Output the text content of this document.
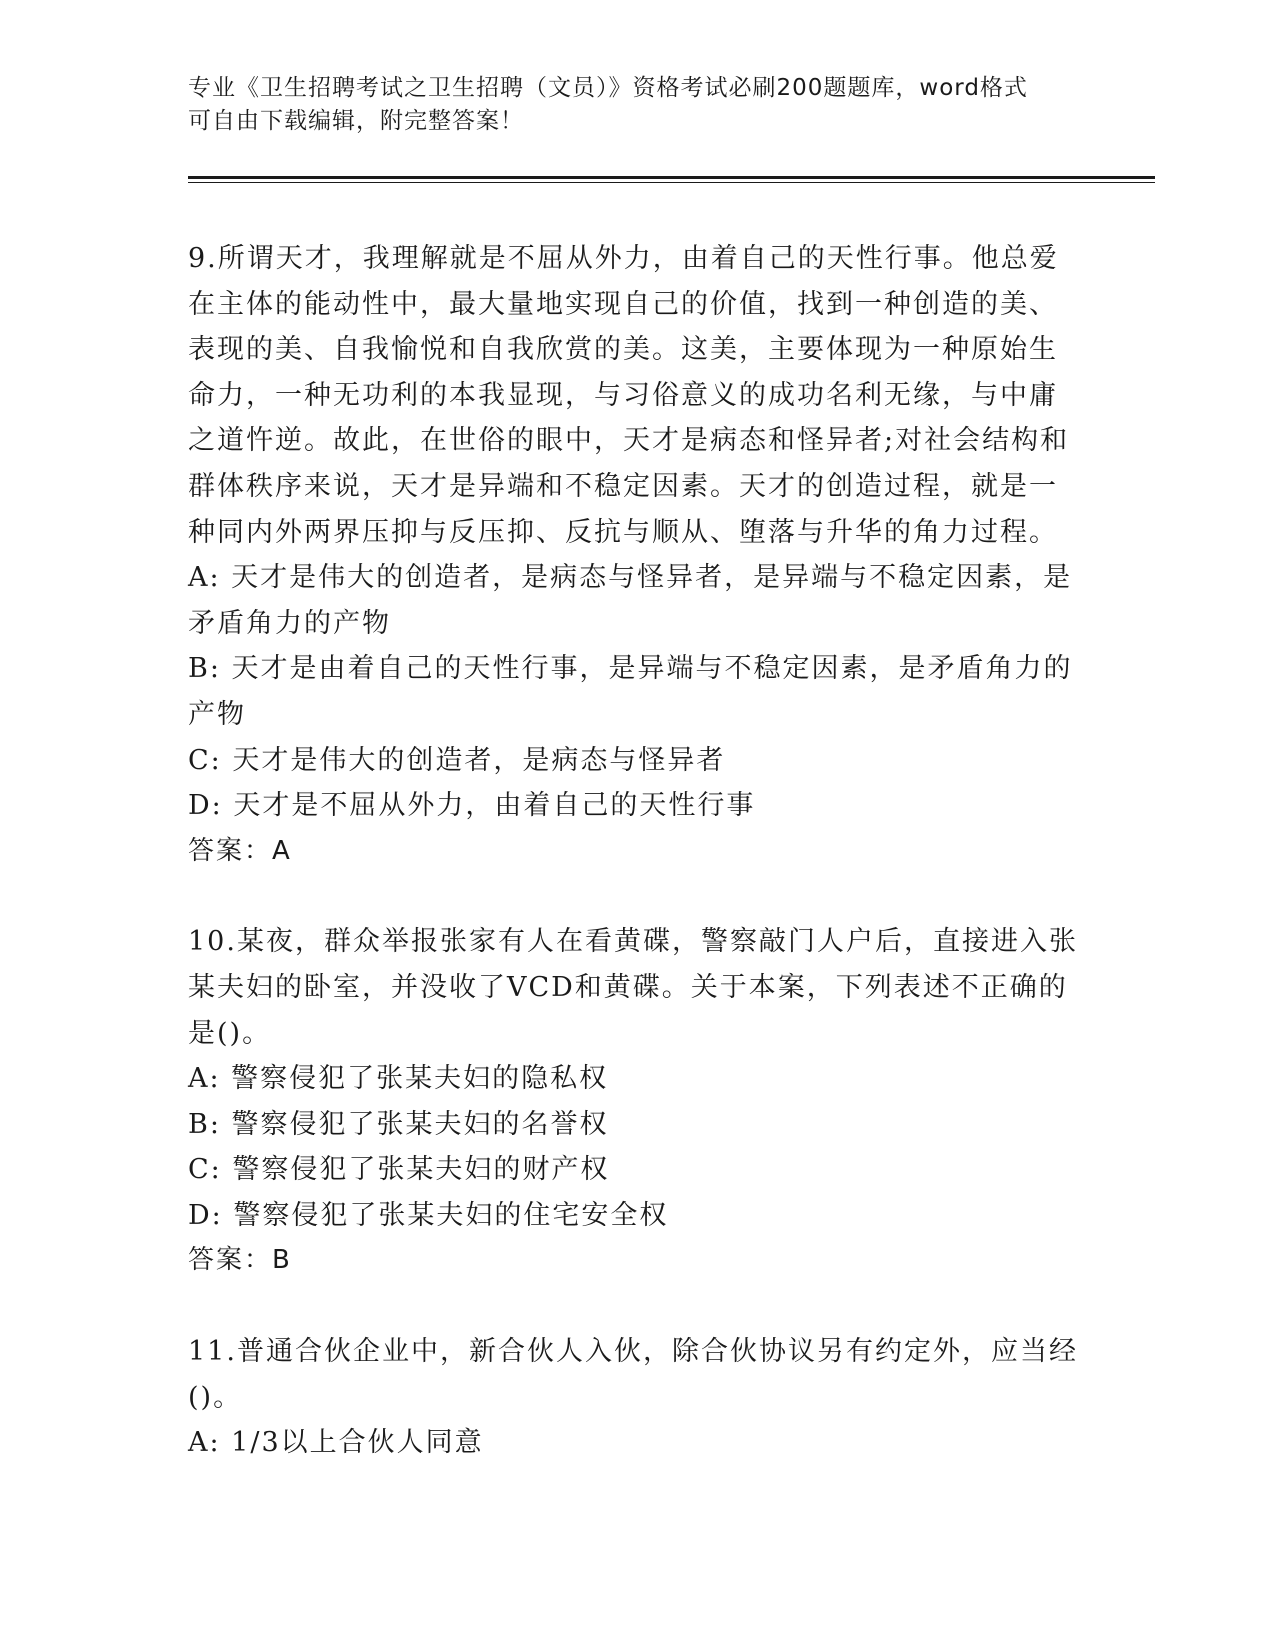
专业《卫生招聘考试之卫生招聘（文员）》资格考试必刷200题题库，word格式
可自由下载编辑，附完整答案！
9.所谓天才，我理解就是不屈从外力，由着自己的天性行事。他总爱
在主体的能动性中，最大量地实现自己的价值，找到一种创造的美、
表现的美、自我愉悦和自我欣赏的美。这美，主要体现为一种原始生
命力，一种无功利的本我显现，与习俗意义的成功名利无缘，与中庸
之道忤逆。故此，在世俗的眼中，天才是病态和怪异者;对社会结构和
群体秩序来说，天才是异端和不稳定因素。天才的创造过程，就是一
种同内外两界压抑与反压抑、反抗与顺从、堕落与升华的角力过程。
A: 天才是伟大的创造者，是病态与怪异者，是异端与不稳定因素，是
矛盾角力的产物
B: 天才是由着自己的天性行事，是异端与不稳定因素，是矛盾角力的
产物
C: 天才是伟大的创造者，是病态与怪异者
D: 天才是不屈从外力，由着自己的天性行事
答案：A
10.某夜，群众举报张家有人在看黄碟，警察敲门人户后，直接进入张
某夫妇的卧室，并没收了VCD和黄碟。关于本案，下列表述不正确的
是()。
A: 警察侵犯了张某夫妇的隐私权
B: 警察侵犯了张某夫妇的名誉权
C: 警察侵犯了张某夫妇的财产权
D: 警察侵犯了张某夫妇的住宅安全权
答案：B
11.普通合伙企业中，新合伙人入伙，除合伙协议另有约定外，应当经
()。
A: 1/3以上合伙人同意
